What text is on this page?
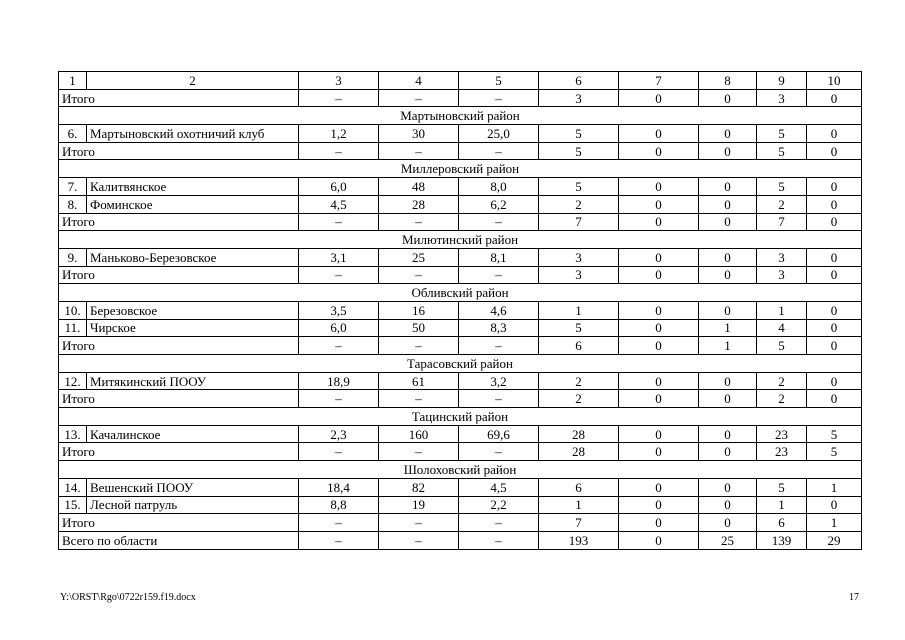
1	2	3	4	5	6	7	8	9	10
Итого		–	–	–	3	0	0	3	0
Мартыновский район									
6.	Мартыновский охотничий клуб	1,2	30	25,0	5	0	0	5	0
Итого		–	–	–	5	0	0	5	0
Миллеровский район									
7.	Калитвянское	6,0	48	8,0	5	0	0	5	0
8.	Фоминское	4,5	28	6,2	2	0	0	2	0
Итого		–	–	–	7	0	0	7	0
Милютинский район									
9.	Маньково-Березовское	3,1	25	8,1	3	0	0	3	0
Итого		–	–	–	3	0	0	3	0
Обливский район									
10.	Березовское	3,5	16	4,6	1	0	0	1	0
11.	Чирское	6,0	50	8,3	5	0	1	4	0
Итого		–	–	–	6	0	1	5	0
Тарасовский район									
12.	Митякинский ПООУ	18,9	61	3,2	2	0	0	2	0
Итого		–	–	–	2	0	0	2	0
Тацинский район									
13.	Качалинское	2,3	160	69,6	28	0	0	23	5
Итого		–	–	–	28	0	0	23	5
Шолоховский район									
14.	Вешенский ПООУ	18,4	82	4,5	6	0	0	5	1
15.	Лесной патруль	8,8	19	2,2	1	0	0	1	0
Итого		–	–	–	7	0	0	6	1
Всего по области		–	–	–	193	0	25	139	29
Y:\ORST\Rgo\0722r159.f19.docx	17
